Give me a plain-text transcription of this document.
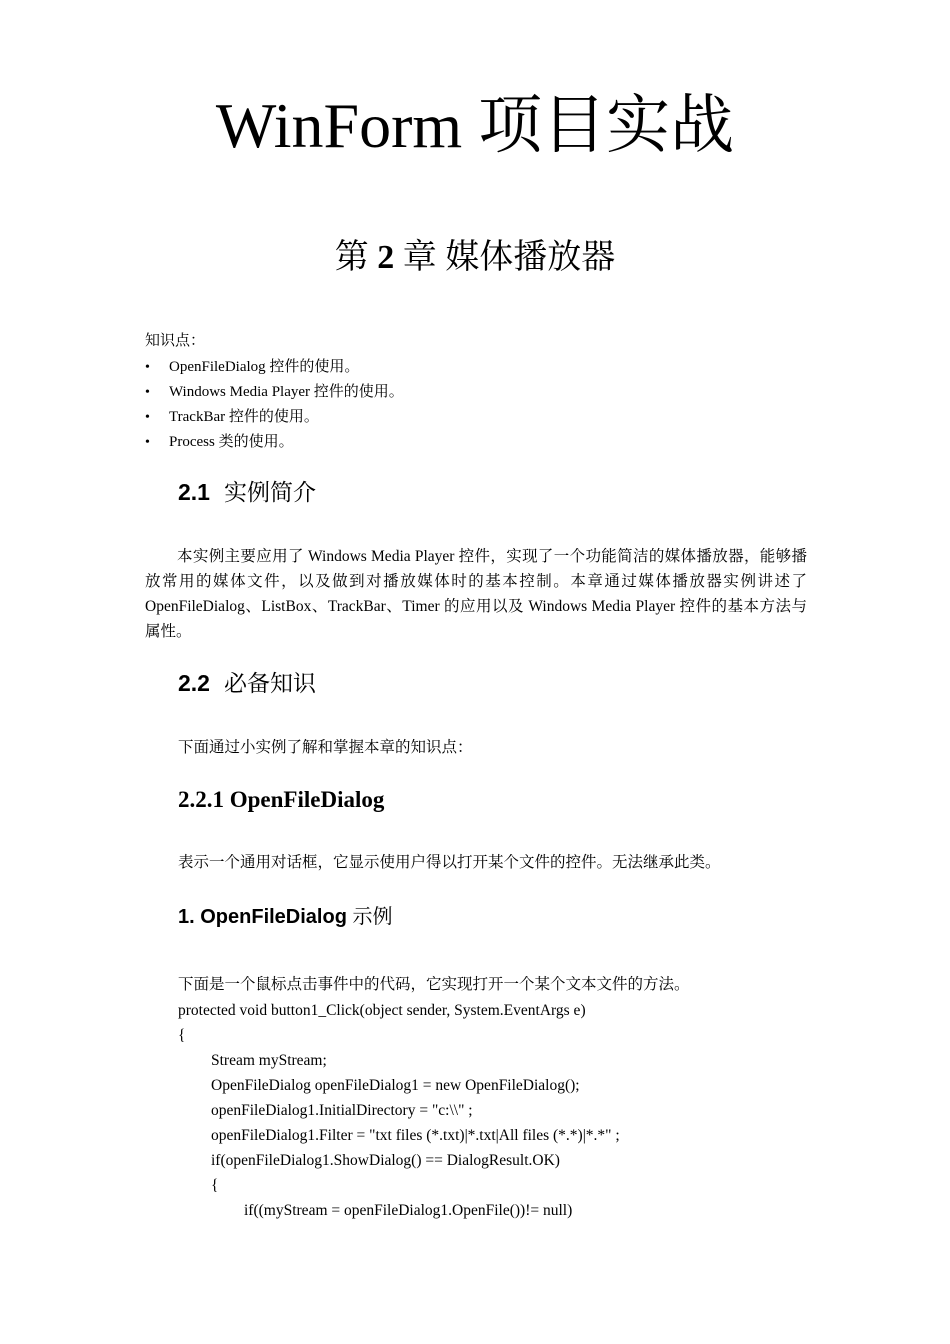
WinForm 项目实战
第 2 章 媒体播放器
知识点：
• OpenFileDialog 控件的使用。
• Windows Media Player 控件的使用。
• TrackBar 控件的使用。
• Process 类的使用。
2.1 实例简介
本实例主要应用了 Windows Media Player 控件，实现了一个功能简洁的媒体播放器，能够播放常用的媒体文件，以及做到对播放媒体时的基本控制。本章通过媒体播放器实例讲述了 OpenFileDialog、ListBox、TrackBar、Timer 的应用以及 Windows Media Player 控件的基本方法与属性。
2.2 必备知识
下面通过小实例了解和掌握本章的知识点：
2.2.1 OpenFileDialog
表示一个通用对话框，它显示使用户得以打开某个文件的控件。无法继承此类。
1. OpenFileDialog 示例
下面是一个鼠标点击事件中的代码，它实现打开一个某个文本文件的方法。
protected void button1_Click(object sender, System.EventArgs e)
{
Stream myStream;
OpenFileDialog openFileDialog1 = new OpenFileDialog();
openFileDialog1.InitialDirectory = "c:\\" ;
openFileDialog1.Filter = "txt files (*.txt)|*.txt|All files (*.*)|*.*" ;
if(openFileDialog1.ShowDialog() == DialogResult.OK)
{
if((myStream = openFileDialog1.OpenFile())!= null)
